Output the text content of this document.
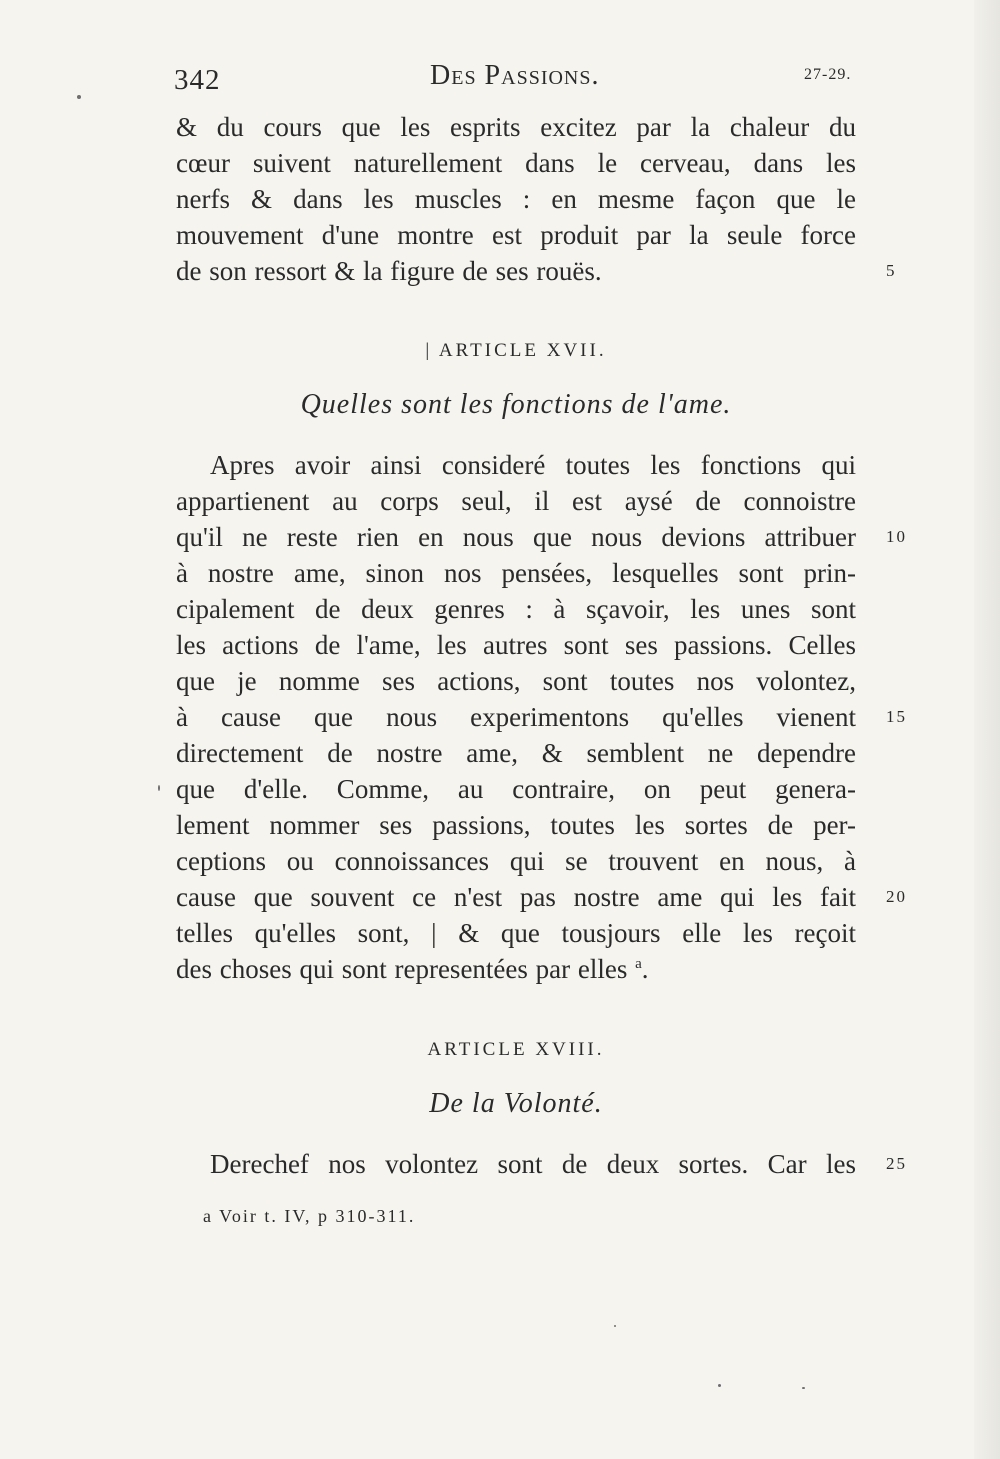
342	Des Passions.	27-29.
& du cours que les esprits excitez par la chaleur du
cœur suivent naturellement dans le cerveau, dans les
nerfs & dans les muscles : en mesme façon que le
mouvement d'une montre est produit par la seule force
de son ressort & la figure de ses rouës.	5
| ARTICLE XVII.
Quelles sont les fonctions de l'ame.
Apres avoir ainsi consideré toutes les fonctions qui
appartienent au corps seul, il est aysé de connoistre
qu'il ne reste rien en nous que nous devions attribuer
à nostre ame, sinon nos pensées, lesquelles sont prin-
cipalement de deux genres : à sçavoir, les unes sont
les actions de l'ame, les autres sont ses passions. Celles
que je nomme ses actions, sont toutes nos volontez,
à cause que nous experimentons qu'elles vienent
directement de nostre ame, & semblent ne dependre
que d'elle. Comme, au contraire, on peut genera-
lement nommer ses passions, toutes les sortes de per-
ceptions ou connoissances qui se trouvent en nous, à
cause que souvent ce n'est pas nostre ame qui les fait
telles qu'elles sont, | & que tousjours elle les reçoit
des choses qui sont representées par elles $^a$.
10
15
20
ARTICLE XVIII.
De la Volonté.
Derechef nos volontez sont de deux sortes. Car les 25
a Voir t. IV, p 310-311.
